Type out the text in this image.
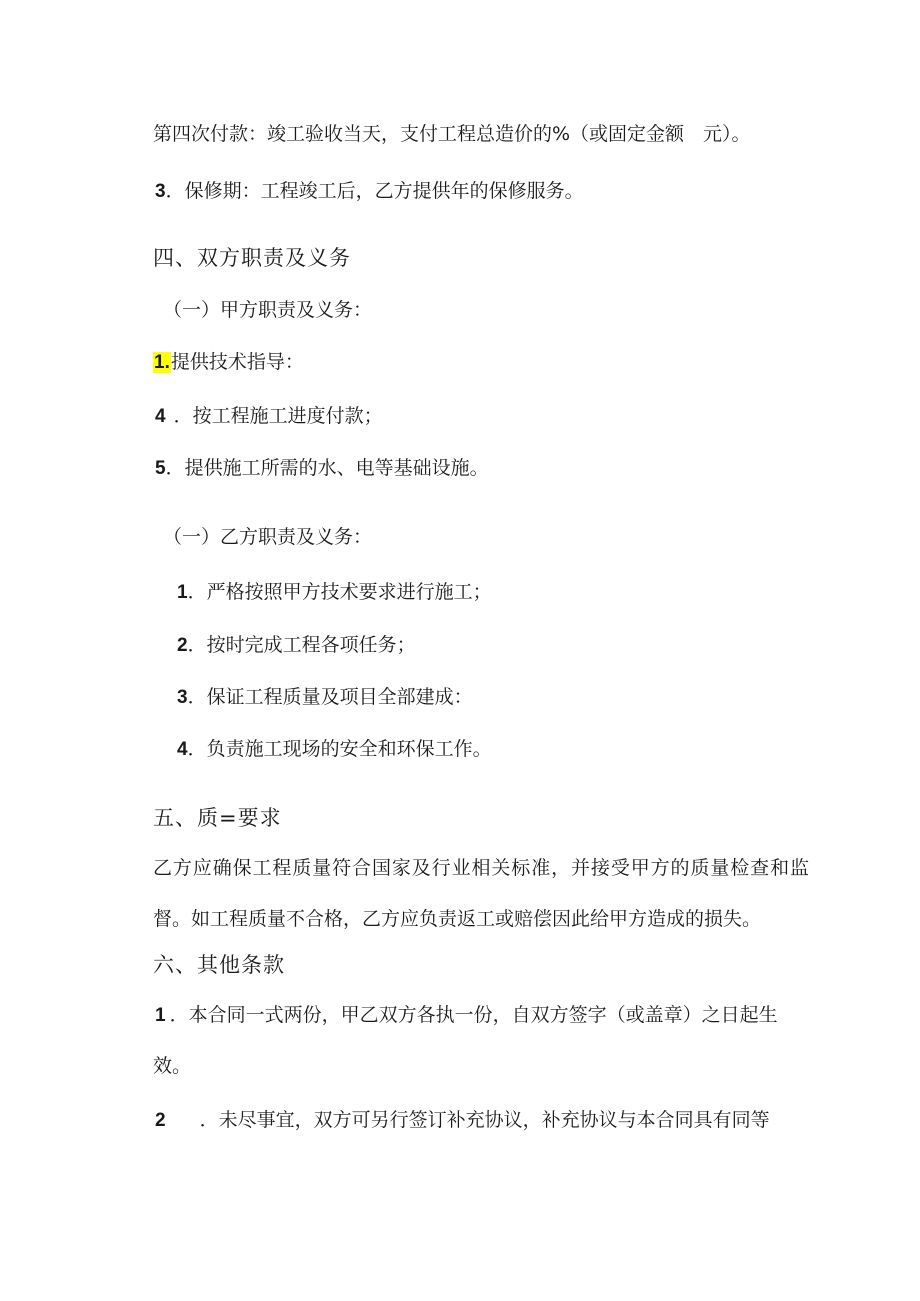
第四次付款：竣工验收当天，支付工程总造价的%（或固定金额　元）。
3．保修期：工程竣工后，乙方提供年的保修服务。
四、双方职责及义务
（一）甲方职责及义务：
1.提供技术指导：
4 ．按工程施工进度付款；
5．提供施工所需的水、电等基础设施。
（一）乙方职责及义务：
1．严格按照甲方技术要求进行施工；
2．按时完成工程各项任务；
3．保证工程质量及项目全部建成：
4．负责施工现场的安全和环保工作。
五、质=要求
乙方应确保工程质量符合国家及行业相关标准，并接受甲方的质量检查和监
督。如工程质量不合格，乙方应负责返工或赔偿因此给甲方造成的损失。
六、其他条款
1 ．本合同一式两份，甲乙双方各执一份，自双方签字（或盖章）之日起生
效。
2 ．未尽事宜，双方可另行签订补充协议，补充协议与本合同具有同等
